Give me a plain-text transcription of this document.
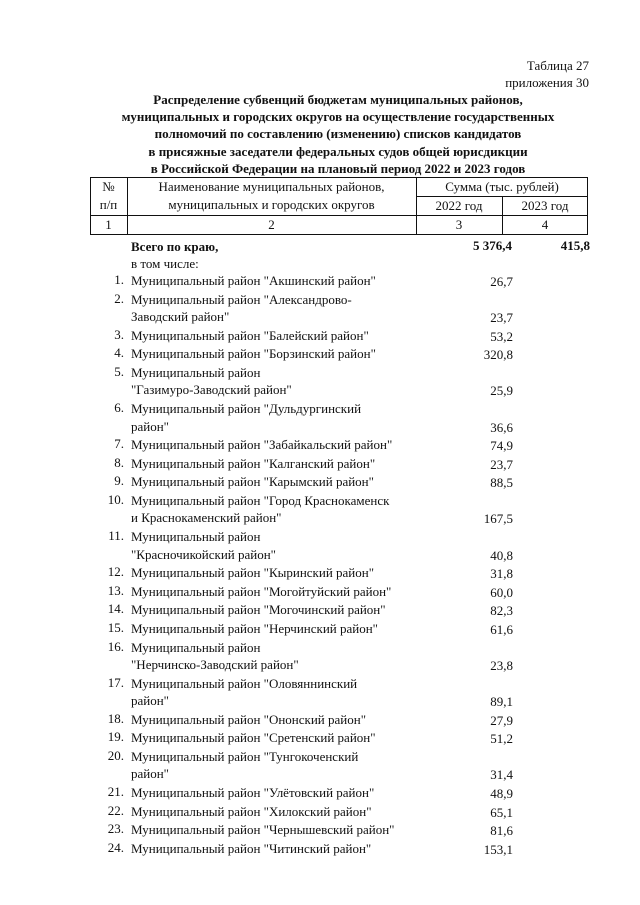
Таблица 27
приложения 30
Распределение субвенций бюджетам муниципальных районов,
муниципальных и городских округов на осуществление государственных
полномочий по составлению (изменению) списков кандидатов
в присяжные заседатели федеральных судов общей юрисдикции
в Российской Федерации на плановый период 2022 и 2023 годов
№
п/п
Наименование муниципальных районов,
муниципальных и городских округов
Сумма (тыс. рублей)
2022 год	2023 год
1	2	3	4
Всего по краю,	5 376,4	415,8
в том числе:
1. Муниципальный район "Акшинский район"	26,7
2. Муниципальный район "Александрово-
Заводский район"	23,7
3. Муниципальный район "Балейский район"	53,2
4. Муниципальный район "Борзинский район"	320,8
5. Муниципальный район
"Газимуро-Заводский район"	25,9
6. Муниципальный район "Дульдургинский
район"	36,6
7. Муниципальный район "Забайкальский район"	74,9
8. Муниципальный район "Калганский район"	23,7
9. Муниципальный район "Карымский район"	88,5
10. Муниципальный район "Город Краснокаменск
и Краснокаменский район"	167,5
11. Муниципальный район
"Красночикойский район"	40,8
12. Муниципальный район "Кыринский район"	31,8
13. Муниципальный район "Могойтуйский район"	60,0
14. Муниципальный район "Могочинский район"	82,3
15. Муниципальный район "Нерчинский район"	61,6
16. Муниципальный район
"Нерчинско-Заводский район"	23,8
17. Муниципальный район "Оловяннинский
район"	89,1
18. Муниципальный район "Ононский район"	27,9
19. Муниципальный район "Сретенский район"	51,2
20. Муниципальный район "Тунгокоченский
район"	31,4
21. Муниципальный район "Улётовский район"	48,9
22. Муниципальный район "Хилокский район"	65,1
23. Муниципальный район "Чернышевский район"	81,6
24. Муниципальный район "Читинский район"	153,1
